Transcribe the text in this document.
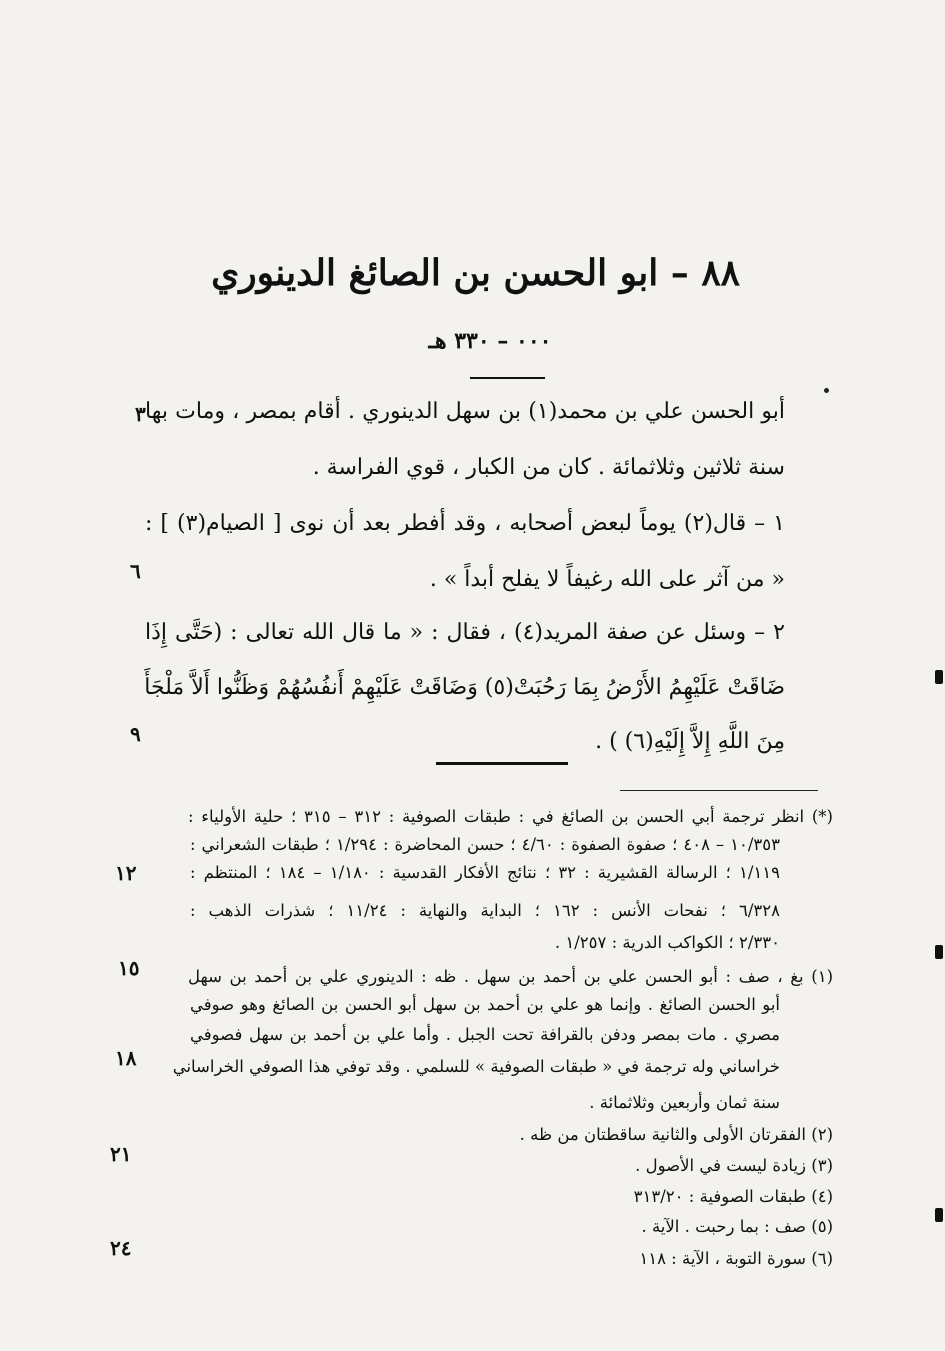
٨٨ – ابو الحسن بن الصائغ الدينوري
٠٠٠ – ٣٣٠ هـ
أبو الحسن علي بن محمد(١) بن سهل الدينوري . أقام بمصر ، ومات بها
سنة ثلاثين وثلاثمائة . كان من الكبار ، قوي الفراسة .
١ – قال(٢) يوماً لبعض أصحابه ، وقد أفطر بعد أن نوى [ الصيام(٣) ] :
« من آثر على الله رغيفاً لا يفلح أبداً » .
٢ – وسئل عن صفة المريد(٤) ، فقال : « ما قال الله تعالى : (حَتَّى إِذَا
ضَاقَتْ عَلَيْهِمُ الأَرْضُ بِمَا رَحُبَتْ(٥) وَضَاقَتْ عَلَيْهِمْ أَنفُسُهُمْ وَظَنُّوا أَلاَّ مَلْجَأَ
مِنَ اللَّهِ إِلاَّ إِلَيْهِ(٦) ) .
٣
٦
٩
١٢
١٥
١٨
٢١
٢٤
(*) انظر ترجمة أبي الحسن بن الصائغ في : طبقات الصوفية : ٣١٢ – ٣١٥ ؛ حلية الأولياء :
١٠/٣٥٣ – ٤٠٨ ؛ صفوة الصفوة : ٤/٦٠ ؛ حسن المحاضرة : ١/٢٩٤ ؛ طبقات الشعراني :
١/١١٩ ؛ الرسالة القشيرية : ٣٢ ؛ نتائج الأفكار القدسية : ١/١٨٠ – ١٨٤ ؛ المنتظم :
٦/٣٢٨ ؛ نفحات الأنس : ١٦٢ ؛ البداية والنهاية : ١١/٢٤ ؛ شذرات الذهب :
٢/٣٣٠ ؛ الكواكب الدرية : ١/٢٥٧ .
(١) بغ ، صف : أبو الحسن علي بن أحمد بن سهل . ظه : الدينوري علي بن أحمد بن سهل
أبو الحسن الصائغ . وإنما هو علي بن أحمد بن سهل أبو الحسن بن الصائغ وهو صوفي
مصري . مات بمصر ودفن بالقرافة تحت الجبل . وأما علي بن أحمد بن سهل فصوفي
خراساني وله ترجمة في « طبقات الصوفية » للسلمي . وقد توفي هذا الصوفي الخراساني
سنة ثمان وأربعين وثلاثمائة .
(٢) الفقرتان الأولى والثانية ساقطتان من ظه .
(٣) زيادة ليست في الأصول .
(٤) طبقات الصوفية : ٣١٣/٢٠
(٥) صف : بما رحبت . الآية .
(٦) سورة التوبة ، الآية : ١١٨
